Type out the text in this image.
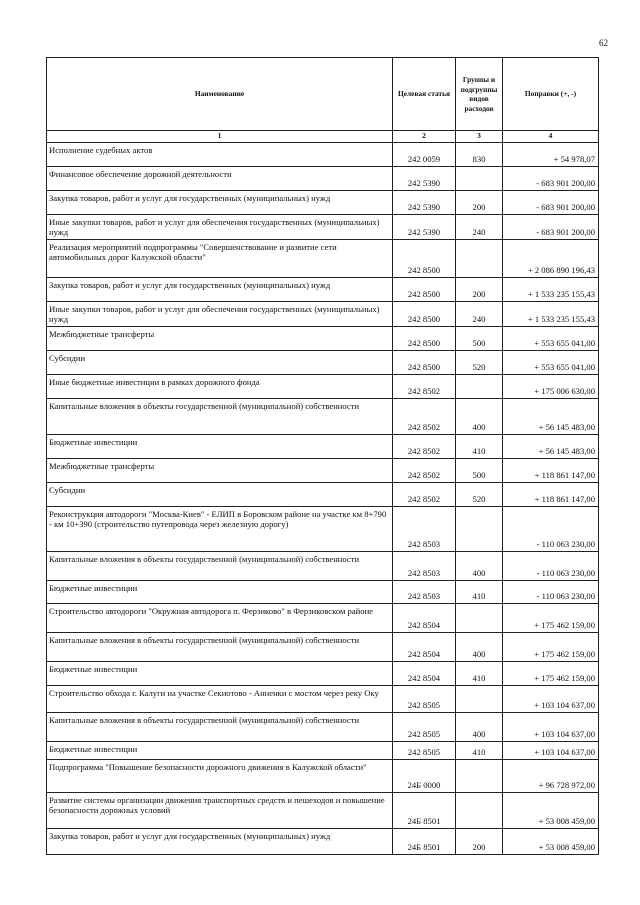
62
Наименование	Целевая статья	Группы и подгруппы видов расходов	Поправки (+, -)
1	2	3	4
Исполнение судебных актов	242 0059	830	+ 54 978,07
Финансовое обеспечение дорожной деятельности	242 5390		- 683 901 200,00
Закупка товаров, работ и услуг для государственных (муниципальных) нужд	242 5390	200	- 683 901 200,00
Иные закупки товаров, работ и услуг для обеспечения государственных (муниципальных) нужд	242 5390	240	- 683 901 200,00
Реализация мероприятий подпрограммы "Совершенствование и развитие сети автомобильных дорог Калужской области"	242 8500		+ 2 086 890 196,43
Закупка товаров, работ и услуг для государственных (муниципальных) нужд	242 8500	200	+ 1 533 235 155,43
Иные закупки товаров, работ и услуг для обеспечения государственных (муниципальных) нужд	242 8500	240	+ 1 533 235 155,43
Межбюджетные трансферты	242 8500	500	+ 553 655 041,00
Субсидии	242 8500	520	+ 553 655 041,00
Иные бюджетные инвестиции в рамках дорожного фонда	242 8502		+ 175 006 630,00
Капитальные вложения в объекты государственной (муниципальной) собственности	242 8502	400	+ 56 145 483,00
Бюджетные инвестиции	242 8502	410	+ 56 145 483,00
Межбюджетные трансферты	242 8502	500	+ 118 861 147,00
Субсидии	242 8502	520	+ 118 861 147,00
Реконструкция автодороги "Москва-Киев" - ЕЛИП в Боровском районе на участке км 8+790 - км 10+390 (строительство путепровода через железную дорогу)	242 8503		- 110 063 230,00
Капитальные вложения в объекты государственной (муниципальной) собственности	242 8503	400	- 110 063 230,00
Бюджетные инвестиции	242 8503	410	- 110 063 230,00
Строительство автодороги "Окружная автодорога п. Ферзиково" в Ферзиковском районе	242 8504		+ 175 462 159,00
Капитальные вложения в объекты государственной (муниципальной) собственности	242 8504	400	+ 175 462 159,00
Бюджетные инвестиции	242 8504	410	+ 175 462 159,00
Строительство обхода г. Калуги на участке Секиотово - Анненки с мостом через реку Оку	242 8505		+ 103 104 637,00
Капитальные вложения в объекты государственной (муниципальной) собственности	242 8505	400	+ 103 104 637,00
Бюджетные инвестиции	242 8505	410	+ 103 104 637,00
Подпрограмма "Повышение безопасности дорожного движения в Калужской области"	24Б 0000		+ 96 728 972,00
Развитие системы организации движения транспортных средств и пешеходов и повышение безопасности дорожных условий	24Б 8501		+ 53 008 459,00
Закупка товаров, работ и услуг для государственных (муниципальных) нужд	24Б 8501	200	+ 53 008 459,00
